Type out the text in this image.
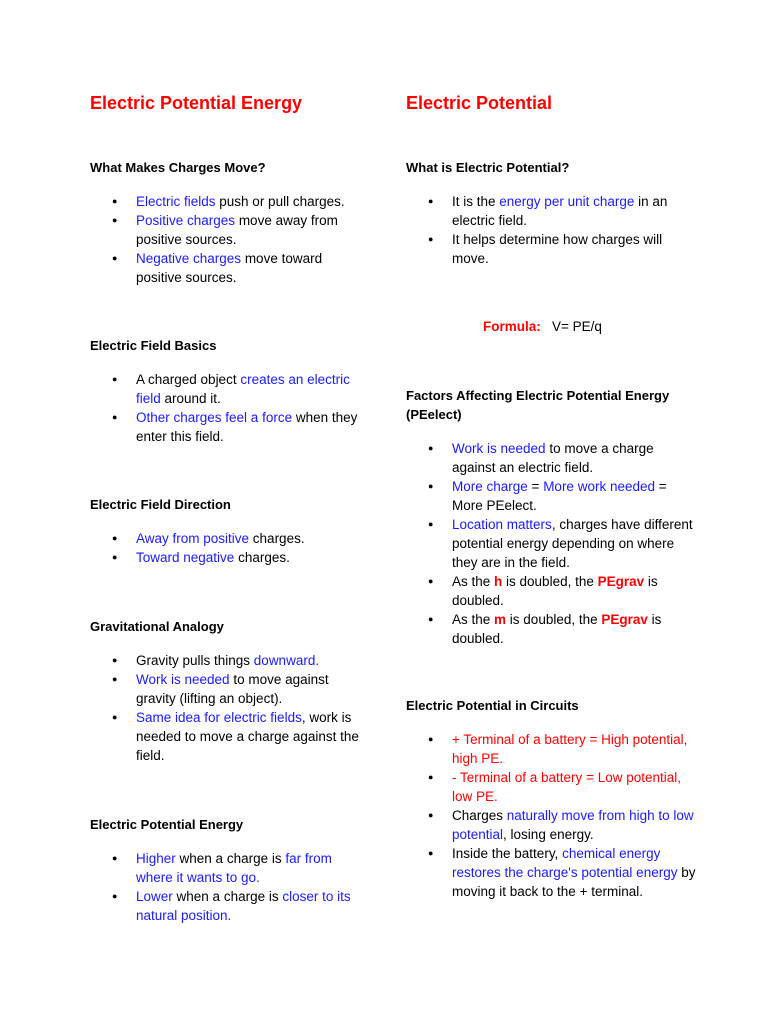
Electric Potential Energy
What Makes Charges Move?
● Electric fields push or pull charges.
● Positive charges move away from positive sources.
● Negative charges move toward positive sources.
Electric Field Basics
● A charged object creates an electric field around it.
● Other charges feel a force when they enter this field.
Electric Field Direction
● Away from positive charges.
● Toward negative charges.
Gravitational Analogy
● Gravity pulls things downward.
● Work is needed to move against gravity (lifting an object).
● Same idea for electric fields, work is needed to move a charge against the field.
Electric Potential Energy
● Higher when a charge is far from where it wants to go.
● Lower when a charge is closer to its natural position.
Electric Potential
What is Electric Potential?
● It is the energy per unit charge in an electric field.
● It helps determine how charges will move.
Formula: V= PE/q
Factors Affecting Electric Potential Energy (PEelect)
● Work is needed to move a charge against an electric field.
● More charge = More work needed = More PEelect.
● Location matters, charges have different potential energy depending on where they are in the field.
● As the h is doubled, the PEgrav is doubled.
● As the m is doubled, the PEgrav is doubled.
Electric Potential in Circuits
● + Terminal of a battery = High potential, high PE.
● - Terminal of a battery = Low potential, low PE.
● Charges naturally move from high to low potential, losing energy.
● Inside the battery, chemical energy restores the charge's potential energy by moving it back to the + terminal.
